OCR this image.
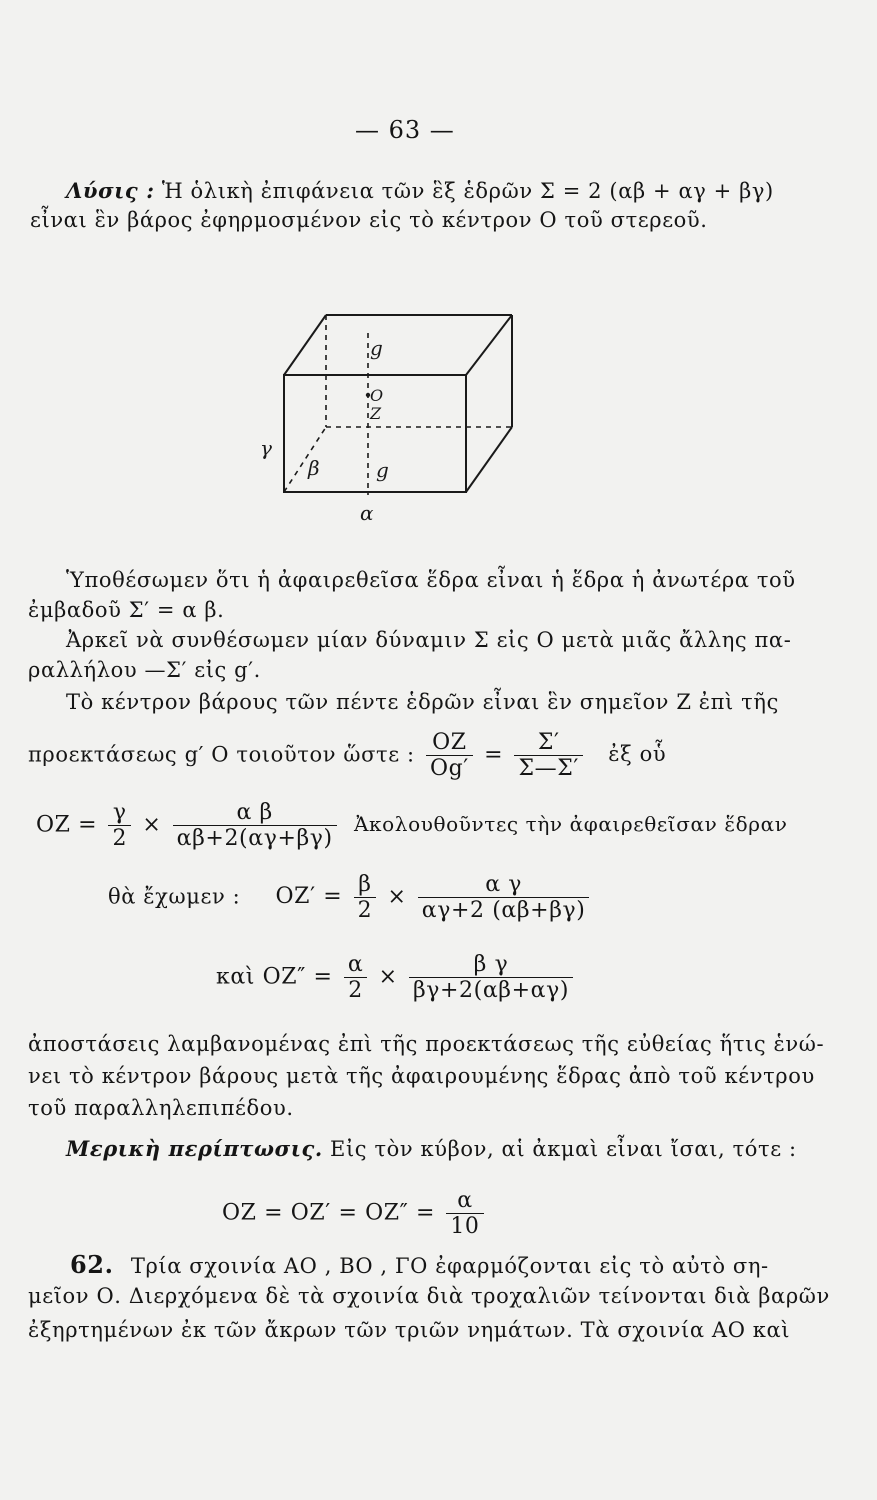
— 63 —
Λύσις : Ἡ ὁλικὴ ἐπιφάνεια τῶν ἓξ ἑδρῶν Σ = 2 (αβ + αγ + βγ)
εἶναι ἓν βάρος ἐφηρμοσμένον εἰς τὸ κέντρον Ο τοῦ στερεοῦ.
γ
β
α
g
O
Z
g
Ὑποθέσωμεν ὅτι ἡ ἀφαιρεθεῖσα ἕδρα εἶναι ἡ ἕδρα ἡ ἀνωτέρα τοῦ
ἐμβαδοῦ Σ′ = α β.
Ἀρκεῖ νὰ συνθέσωμεν μίαν δύναμιν Σ εἰς Ο μετὰ μιᾶς ἄλλης πα-
ραλλήλου —Σ′ εἰς g′.
Τὸ κέντρον βάρους τῶν πέντε ἑδρῶν εἶναι ἓν σημεῖον Ζ ἐπὶ τῆς
προεκτάσεως g′ Ο τοιοῦτον ὥστε : $\frac{OZ}{Og'} = \frac{\Sigma'}{\Sigma—\Sigma'}$ ἐξ οὗ
OZ = $\frac{\gamma}{2} \times \frac{\text{α β}}{\alpha\beta+2(\alpha\gamma+\beta\gamma)}$ Ἀκολουθοῦντες τὴν ἀφαιρεθεῖσαν ἕδραν
θὰ ἔχωμεν : $OZ' = \frac{\beta}{2} \times \frac{\text{α γ}}{\alpha\gamma+2 (\alpha\beta+\beta\gamma)}$
καὶ $OZ'' = \frac{\alpha}{2} \times \frac{\text{β γ}}{\beta\gamma+2(\alpha\beta+\alpha\gamma)}$
ἀποστάσεις λαμβανομένας ἐπὶ τῆς προεκτάσεως τῆς εὐθείας ἥτις ἑνώ-
νει τὸ κέντρον βάρους μετὰ τῆς ἀφαιρουμένης ἕδρας ἀπὸ τοῦ κέντρου
τοῦ παραλληλεπιπέδου.
Μερικὴ περίπτωσις. Εἰς τὸν κύβον, αἱ ἀκμαὶ εἶναι ἴσαι, τότε :
OZ = $OZ' = OZ'' = \frac{\alpha}{10}$
62. Τρία σχοινία ΑΟ , ΒΟ , ΓΟ ἐφαρμόζονται εἰς τὸ αὐτὸ ση-
μεῖον Ο. Διερχόμενα δὲ τὰ σχοινία διὰ τροχαλιῶν τείνονται διὰ βαρῶν
ἐξηρτημένων ἐκ τῶν ἄκρων τῶν τριῶν νημάτων. Τὰ σχοινία ΑΟ καὶ
